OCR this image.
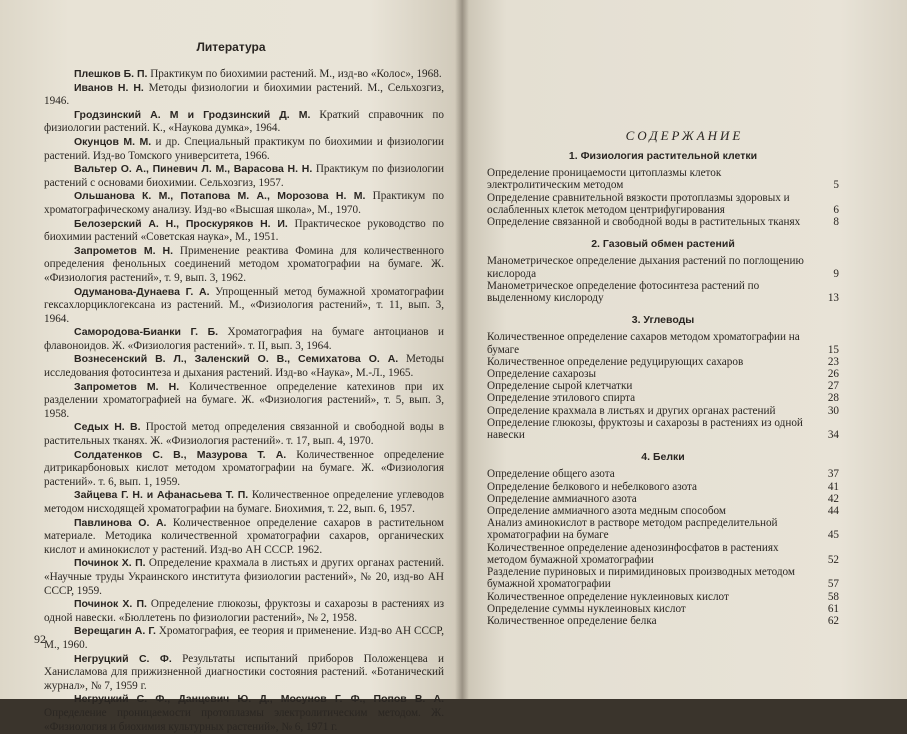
Литература

Плешков Б. П. Практикум по биохимии растений. М., изд-во «Колос», 1968.

Иванов Н. Н. Методы физиологии и биохимии растений. М., Сельхозгиз, 1946.

Гродзинский А. М и Гродзинский Д. М. Краткий справочник по физиологии растений. К., «Наукова думка», 1964.

Окунцов М. М. и др. Специальный практикум по биохимии и физиологии растений. Изд-во Томского университета, 1966.

Вальтер О. А., Пиневич Л. М., Варасова Н. Н. Практикум по физиологии растений с основами биохимии. Сельхозгиз, 1957.

Ольшанова К. М., Потапова М. А., Морозова Н. М. Практикум по хроматографическому анализу. Изд-во «Высшая школа», М., 1970.

Белозерский А. Н., Проскуряков Н. И. Практическое руководство по биохимии растений «Советская наука», М., 1951.

Запрометов М. Н. Применение реактива Фомина для количественного определения фенольных соединений методом хроматографии на бумаге. Ж. «Физиология растений», т. 9, вып. 3, 1962.

Одуманова-Дунаева Г. А. Упрощенный метод бумажной хроматографии гексахлорциклогексана из растений. М., «Физиология растений», т. 11, вып. 3, 1964.

Самородова-Бианки Г. Б. Хроматография на бумаге антоцианов и флавоноидов. Ж. «Физиология растений». т. II, вып. 3, 1964.

Вознесенский В. Л., Заленский О. В., Семихатова О. А. Методы исследования фотосинтеза и дыхания растений. Изд-во «Наука», М.-Л., 1965.

Запрометов М. Н. Количественное определение катехинов при их разделении хроматографией на бумаге. Ж. «Физиология растений», т. 5, вып. 3, 1958.

Седых Н. В. Простой метод определения связанной и свободной воды в растительных тканях. Ж. «Физиология растений». т. 17, вып. 4, 1970.

Солдатенков С. В., Мазурова Т. А. Количественное определение дитрикарбоновых кислот методом хроматографии на бумаге. Ж. «Физиология растений». т. 6, вып. 1, 1959.

Зайцева Г. Н. и Афанасьева Т. П. Количественное определение углеводов методом нисходящей хроматографии на бумаге. Биохимия, т. 22, вып. 6, 1957.

Павлинова О. А. Количественное определение сахаров в растительном материале. Методика количественной хроматографии сахаров, органических кислот и аминокислот у растений. Изд-во АН СССР. 1962.

Починок Х. П. Определение крахмала в листьях и других органах растений. «Научные труды Украинского института физиологии растений», № 20, изд-во АН СССР, 1959.

Починок Х. П. Определение глюкозы, фруктозы и сахарозы в растениях из одной навески. «Бюллетень по физиологии растений», № 2, 1958.

Верещагин А. Г. Хроматография, ее теория и применение. Изд-во АН СССР, М., 1960.

Негруцкий С. Ф. Результаты испытаний приборов Положенцева и Ханисламова для прижизненной диагностики состояния растений. «Ботанический журнал», № 7, 1959 г.

Негруцкий С. Ф., Данцевич Ю. Д., Мосунов Г. Ф., Попов В. А. Определение проницаемости протоплазмы электролитическим методом. Ж. «Физиология и биохимия культурных растений», № 6, 1971 г.

92
СОДЕРЖАНИЕ
1. Физиология растительной клетки
Определение проницаемости цитоплазмы клеток электролитическим методом	5
Определение сравнительной вязкости протоплазмы здоровых и ослабленных клеток методом центрифугирования	6
Определение связанной и свободной воды в растительных тканях	8
2. Газовый обмен растений
Манометрическое определение дыхания растений по поглощению кислорода	9
Манометрическое определение фотосинтеза растений по выделенному кислороду	13
3. Углеводы
Количественное определение сахаров методом хроматографии на бумаге	15
Количественное определение редуцирующих сахаров	23
Определение сахарозы	26
Определение сырой клетчатки	27
Определение этилового спирта	28
Определение крахмала в листьях и других органах растений	30
Определение глюкозы, фруктозы и сахарозы в растениях из одной навески	34
4. Белки
Определение общего азота	37
Определение белкового и небелкового азота	41
Определение аммиачного азота	42
Определение аммиачного азота медным способом	44
Анализ аминокислот в растворе методом распределительной хроматографии на бумаге	45
Количественное определение аденозинфосфатов в растениях методом бумажной хроматографии	52
Разделение пуриновых и пиримидиновых производных методом бумажной хроматографии	57
Количественное определение нуклеиновых кислот	58
Определение суммы нуклеиновых кислот	61
Количественное определение белка	62
